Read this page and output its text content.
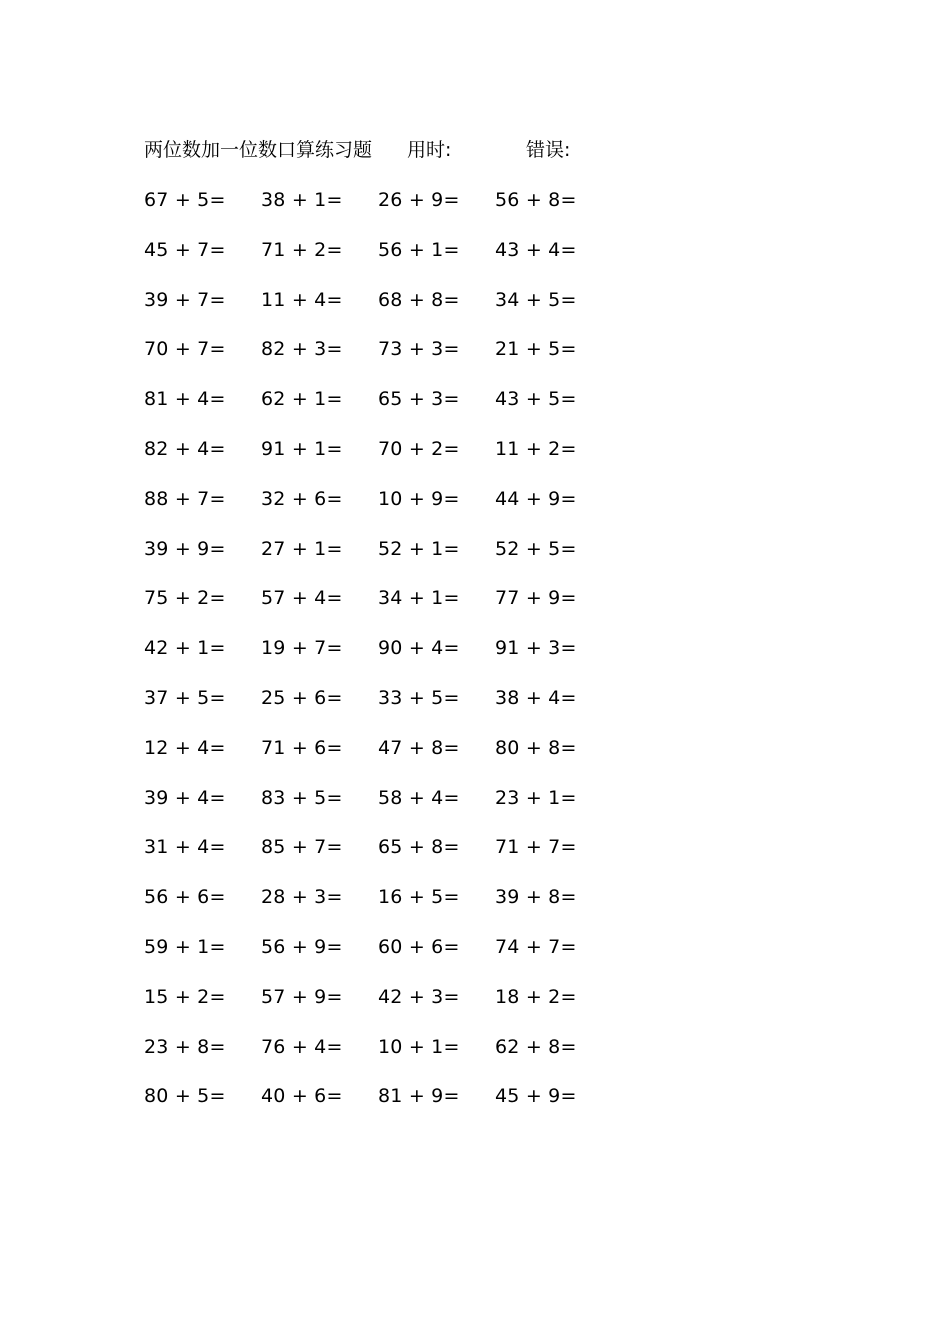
两位数加一位数口算练习题 用时:	错误:
67 + 5= 38 + 1= 26 + 9= 56 + 8=
45 + 7= 71 + 2= 56 + 1= 43 + 4=
39 + 7= 11 + 4= 68 + 8= 34 + 5=
70 + 7= 82 + 3= 73 + 3= 21 + 5=
81 + 4= 62 + 1= 65 + 3= 43 + 5=
82 + 4= 91 + 1= 70 + 2= 11 + 2=
88 + 7= 32 + 6= 10 + 9= 44 + 9=
39 + 9= 27 + 1= 52 + 1= 52 + 5=
75 + 2= 57 + 4= 34 + 1= 77 + 9=
42 + 1= 19 + 7= 90 + 4= 91 + 3=
37 + 5= 25 + 6= 33 + 5= 38 + 4=
12 + 4= 71 + 6= 47 + 8= 80 + 8=
39 + 4= 83 + 5= 58 + 4= 23 + 1=
31 + 4= 85 + 7= 65 + 8= 71 + 7=
56 + 6= 28 + 3= 16 + 5= 39 + 8=
59 + 1= 56 + 9= 60 + 6= 74 + 7=
15 + 2= 57 + 9= 42 + 3= 18 + 2=
23 + 8= 76 + 4= 10 + 1= 62 + 8=
80 + 5= 40 + 6= 81 + 9= 45 + 9=
